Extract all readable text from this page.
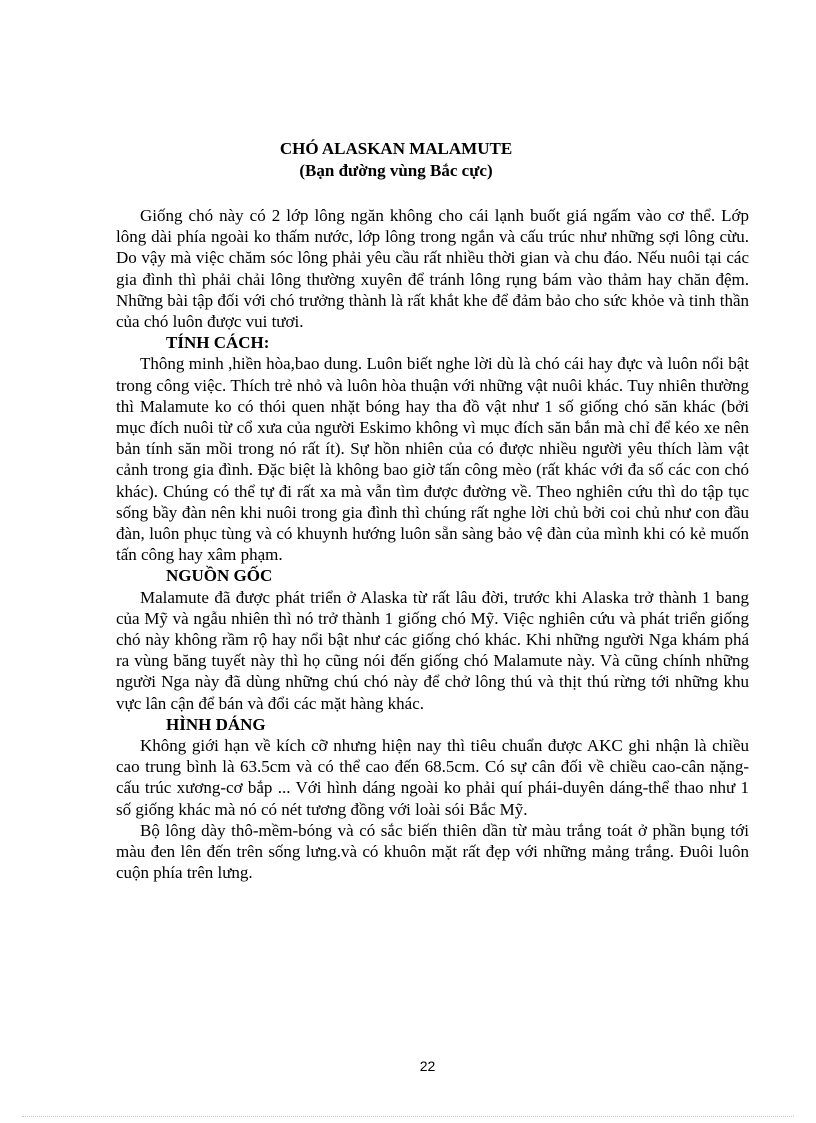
CHÓ ALASKAN MALAMUTE
(Bạn đường vùng Bắc cực)

Giống chó này có 2 lớp lông ngăn không cho cái lạnh buốt giá ngấm vào cơ thể. Lớp lông dài phía ngoài ko thấm nước, lớp lông trong ngắn và cấu trúc như những sợi lông cừu. Do vậy mà việc chăm sóc lông phải yêu cầu rất nhiều thời gian và chu đáo. Nếu nuôi tại các gia đình thì phải chải lông thường xuyên để tránh lông rụng bám vào thảm hay chăn đệm. Những bài tập đối với chó trưởng thành là rất khắt khe để đảm bảo cho sức khỏe và tinh thần của chó luôn được vui tươi.

TÍNH CÁCH:

Thông minh ,hiền hòa,bao dung. Luôn biết nghe lời dù là chó cái hay đực và luôn nổi bật trong công việc. Thích trẻ nhỏ và luôn hòa thuận với những vật nuôi khác. Tuy nhiên thường thì Malamute ko có thói quen nhặt bóng hay tha đồ vật như 1 số giống chó săn khác (bởi mục đích nuôi từ cổ xưa của người Eskimo không vì mục đích săn bắn mà chỉ để kéo xe nên bản tính săn mồi trong nó rất ít). Sự hồn nhiên của có được nhiều người yêu thích làm vật cảnh trong gia đình. Đặc biệt là không bao giờ tấn công mèo (rất khác với đa số các con chó khác). Chúng có thể tự đi rất xa mà vẫn tìm được đường về. Theo nghiên cứu thì do tập tục sống bầy đàn nên khi nuôi trong gia đình thì chúng rất nghe lời chủ bởi coi chủ như con đầu đàn, luôn phục tùng và có khuynh hướng luôn sẵn sàng bảo vệ đàn của mình khi có kẻ muốn tấn công hay xâm phạm.

NGUỒN GỐC

Malamute đã được phát triển ở Alaska từ rất lâu đời, trước khi Alaska trở thành 1 bang của Mỹ và ngẫu nhiên thì nó trở thành 1 giống chó Mỹ. Việc nghiên cứu và phát triển giống chó này không rầm rộ hay nổi bật như các giống chó khác. Khi những người Nga khám phá ra vùng băng tuyết này thì họ cũng nói đến giống chó Malamute này. Và cũng chính những người Nga này đã dùng những chú chó này để chở lông thú và thịt thú rừng tới những khu vực lân cận để bán và đổi các mặt hàng khác.

HÌNH DÁNG

Không giới hạn về kích cỡ nhưng hiện nay thì tiêu chuẩn được AKC ghi nhận là chiều cao trung bình là 63.5cm và có thể cao đến 68.5cm. Có sự cân đối về chiều cao-cân nặng-cấu trúc xương-cơ bắp ... Với hình dáng ngoài ko phải quí phái-duyên dáng-thể thao như 1 số giống khác mà nó có nét tương đồng với loài sói Bắc Mỹ.

Bộ lông dày thô-mềm-bóng và có sắc biến thiên dần từ màu trắng toát ở phần bụng tới màu đen lên đến trên sống lưng.và có khuôn mặt rất đẹp với những mảng trắng. Đuôi luôn cuộn phía trên lưng.

22
